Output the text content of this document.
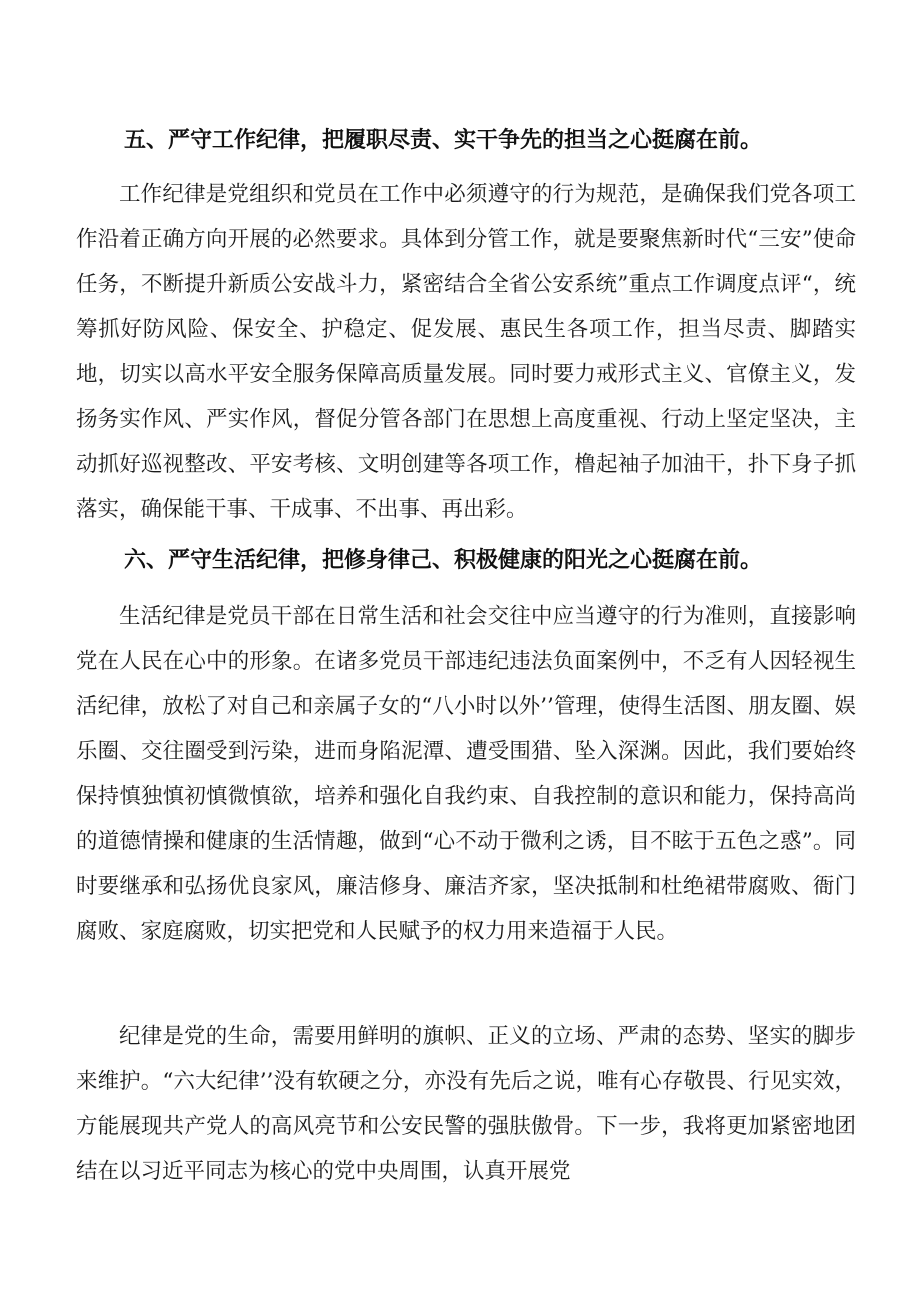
五、严守工作纪律，把履职尽责、实干争先的担当之心挺腐在前。

工作纪律是党组织和党员在工作中必须遵守的行为规范，是确保我们党各项工作沿着正确方向开展的必然要求。具体到分管工作，就是要聚焦新时代“三安”使命任务，不断提升新质公安战斗力，紧密结合全省公安系统”重点工作调度点评“，统筹抓好防风险、保安全、护稳定、促发展、惠民生各项工作，担当尽责、脚踏实地，切实以高水平安全服务保障高质量发展。同时要力戒形式主义、官僚主义，发扬务实作风、严实作风，督促分管各部门在思想上高度重视、行动上坚定坚决，主动抓好巡视整改、平安考核、文明创建等各项工作，橹起袖子加油干，扑下身子抓落实，确保能干事、干成事、不出事、再出彩。

六、严守生活纪律，把修身律己、积极健康的阳光之心挺腐在前。

生活纪律是党员干部在日常生活和社会交往中应当遵守的行为准则，直接影响党在人民在心中的形象。在诸多党员干部违纪违法负面案例中，不乏有人因轻视生活纪律，放松了对自己和亲属子女的“八小时以外’’管理，使得生活图、朋友圈、娱乐圈、交往圈受到污染，进而身陷泥潭、遭受围猎、坠入深渊。因此，我们要始终保持慎独慎初慎微慎欲，培养和强化自我约束、自我控制的意识和能力，保持高尚的道德情操和健康的生活情趣，做到“心不动于微利之诱，目不眩于五色之惑”。同时要继承和弘扬优良家风，廉洁修身、廉洁齐家，坚决抵制和杜绝裙带腐败、衙门腐败、家庭腐败，切实把党和人民赋予的权力用来造福于人民。

纪律是党的生命，需要用鲜明的旗帜、正义的立场、严肃的态势、坚实的脚步来维护。“六大纪律’’没有软硬之分，亦没有先后之说，唯有心存敬畏、行见实效，方能展现共产党人的高风亮节和公安民警的强肤傲骨。下一步，我将更加紧密地团结在以习近平同志为核心的党中央周围，认真开展党
